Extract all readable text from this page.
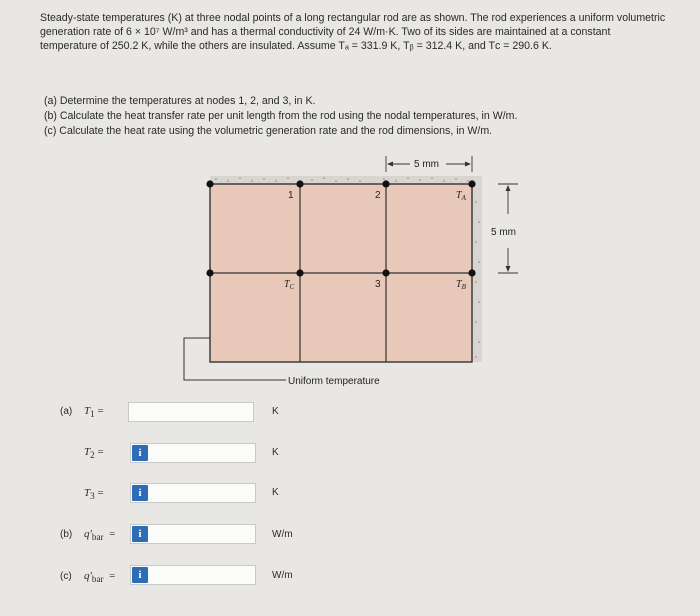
Steady-state temperatures (K) at three nodal points of a long rectangular rod are as shown. The rod experiences a uniform volumetric

generation rate of 6 × 10⁷ W/m³ and has a thermal conductivity of 24 W/m·K. Two of its sides are maintained at a constant

temperature of 250.2 K, while the others are insulated. Assume Tₐ = 331.9 K, Tᵦ = 312.4 K, and Tᴄ = 290.6 K.

(a) Determine the temperatures at nodes 1, 2, and 3, in K.

(b) Calculate the heat transfer rate per unit length from the rod using the nodal temperatures, in W/m.

(c) Calculate the heat rate using the volumetric generation rate and the rod dimensions, in W/m.

Uniform temperature
1	2
3
$T_A$
$T_B$
$T_C$
5 mm
5 mm
(a) $T_1$ =	K
$T_2$ =	i	K
$T_3$ =	i	K
(b) $q'_{bar}$ =	i	W/m
(c) $q'_{bar}$ =	i	W/m
